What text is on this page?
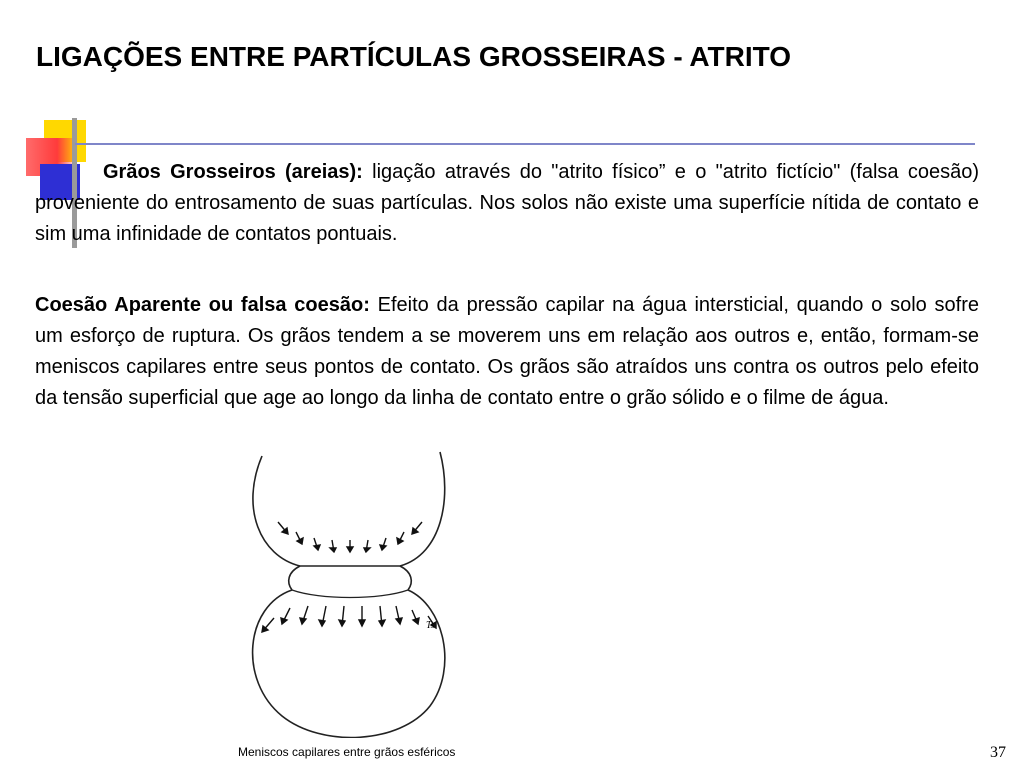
LIGAÇÕES ENTRE PARTÍCULAS GROSSEIRAS - ATRITO

Grãos Grosseiros (areias): ligação através do "atrito físico” e o "atrito fictício" (falsa coesão) proveniente do entrosamento de suas partículas. Nos solos não existe uma superfície nítida de contato e sim uma infinidade de contatos pontuais.

Coesão Aparente ou falsa coesão: Efeito da pressão capilar na água intersticial, quando o solo sofre um esforço de ruptura. Os grãos tendem a se moverem uns em relação aos outros e, então, formam-se meniscos capilares entre seus pontos de contato. Os grãos são atraídos uns contra os outros pelo efeito da tensão superficial que age ao longo da linha de contato entre o grão sólido e o filme de água.

Ts
Meniscos capilares entre grãos esféricos	37
